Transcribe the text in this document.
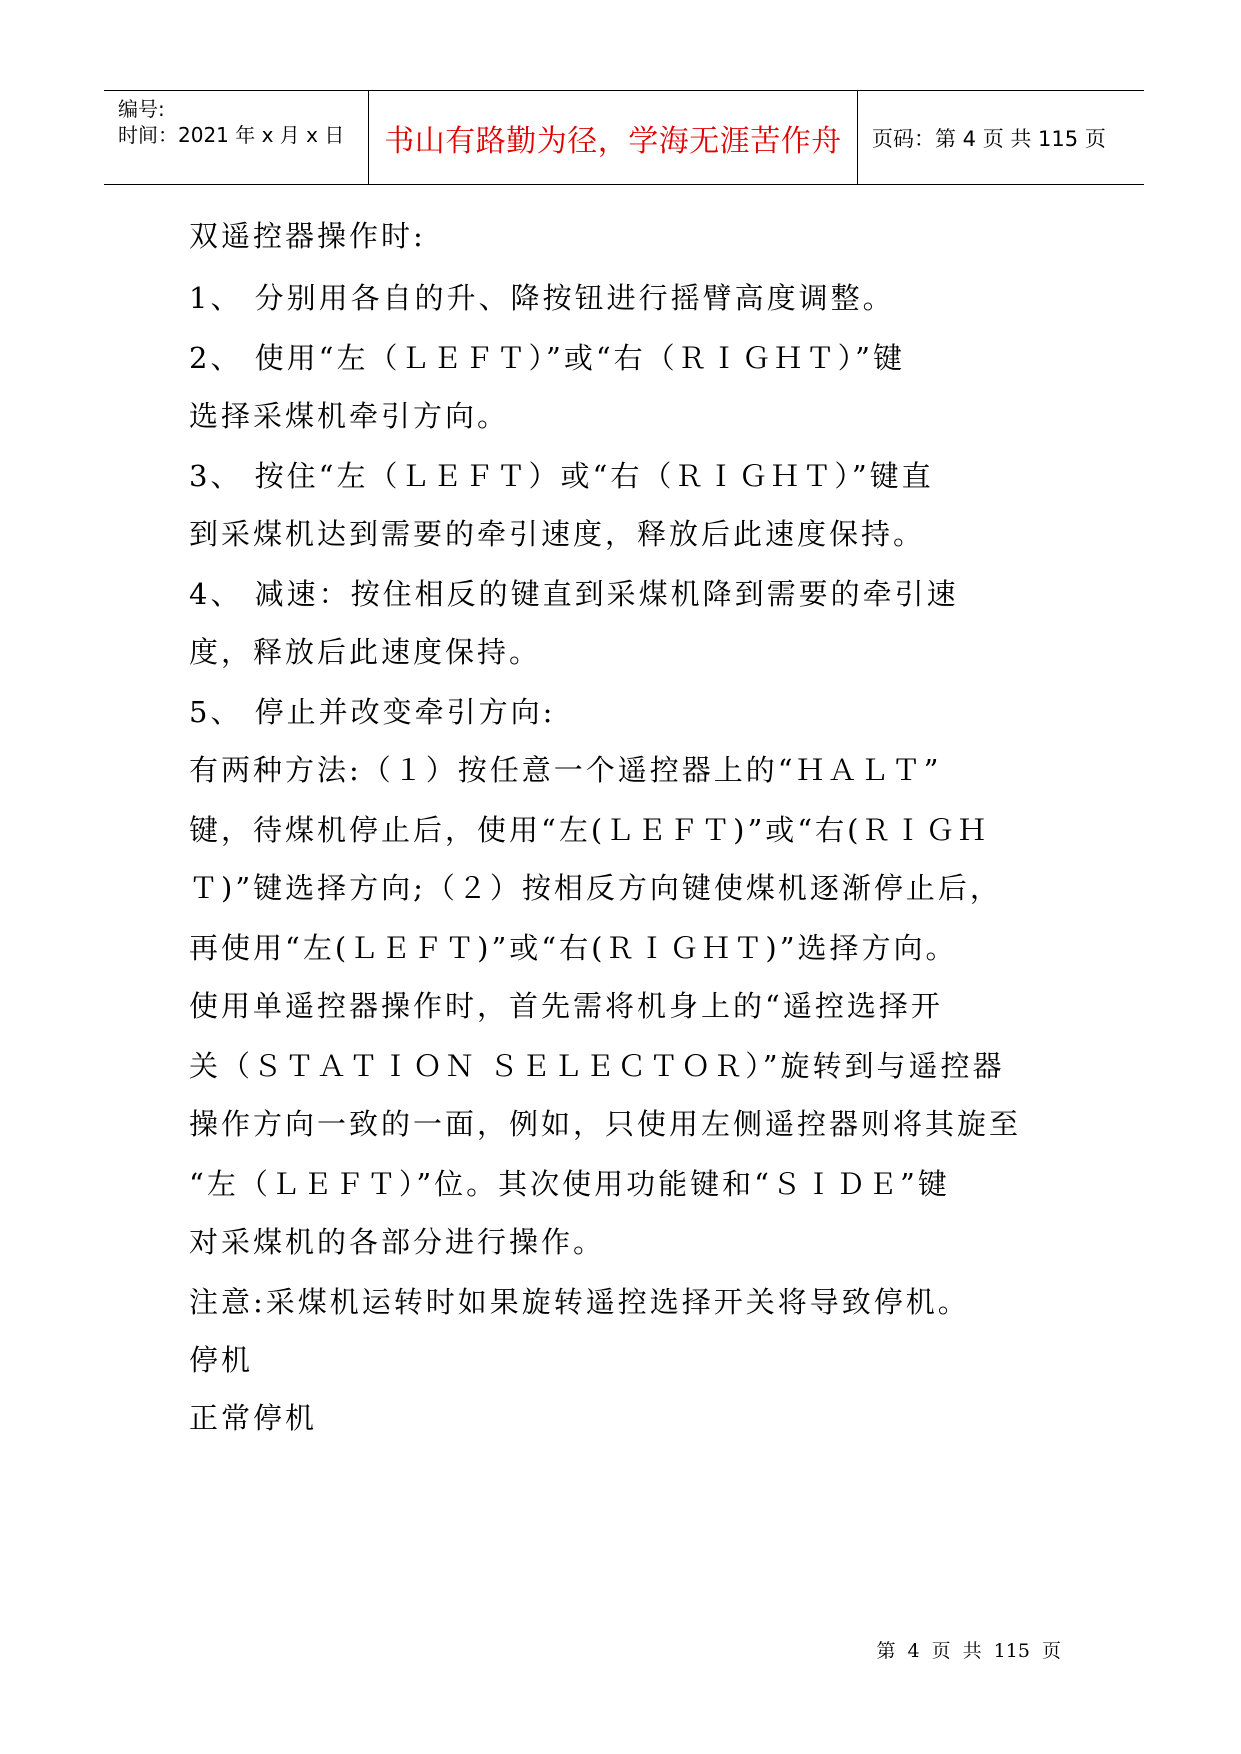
编号:
时间：2021 年 x 月 x 日	书山有路勤为径，学海无涯苦作舟	页码：第 4 页 共 115 页
双遥控器操作时:
1、 分别用各自的升、降按钮进行摇臂高度调整。
2、 使用“左（ＬＥＦＴ）”或“右（ＲＩＧＨＴ）”键
选择采煤机牵引方向。
3、 按住“左（ＬＥＦＴ）或“右（ＲＩＧＨＴ）”键直
到采煤机达到需要的牵引速度，释放后此速度保持。
4、 减速：按住相反的键直到采煤机降到需要的牵引速
度，释放后此速度保持。
5、 停止并改变牵引方向:
有两种方法:（１）按任意一个遥控器上的“ＨＡＬＴ”
键，待煤机停止后，使用“左(ＬＥＦＴ)”或“右(ＲＩＧＨ
Ｔ)”键选择方向;（２）按相反方向键使煤机逐渐停止后，
再使用“左(ＬＥＦＴ)”或“右(ＲＩＧＨＴ)”选择方向。
使用单遥控器操作时，首先需将机身上的“遥控选择开
关（ＳＴＡＴＩＯＮ ＳＥＬＥＣＴＯＲ）”旋转到与遥控器
操作方向一致的一面，例如，只使用左侧遥控器则将其旋至
“左（ＬＥＦＴ）”位。其次使用功能键和“ＳＩＤＥ”键
对采煤机的各部分进行操作。
注意:采煤机运转时如果旋转遥控选择开关将导致停机。
停机
正常停机
第 4 页 共 115 页
